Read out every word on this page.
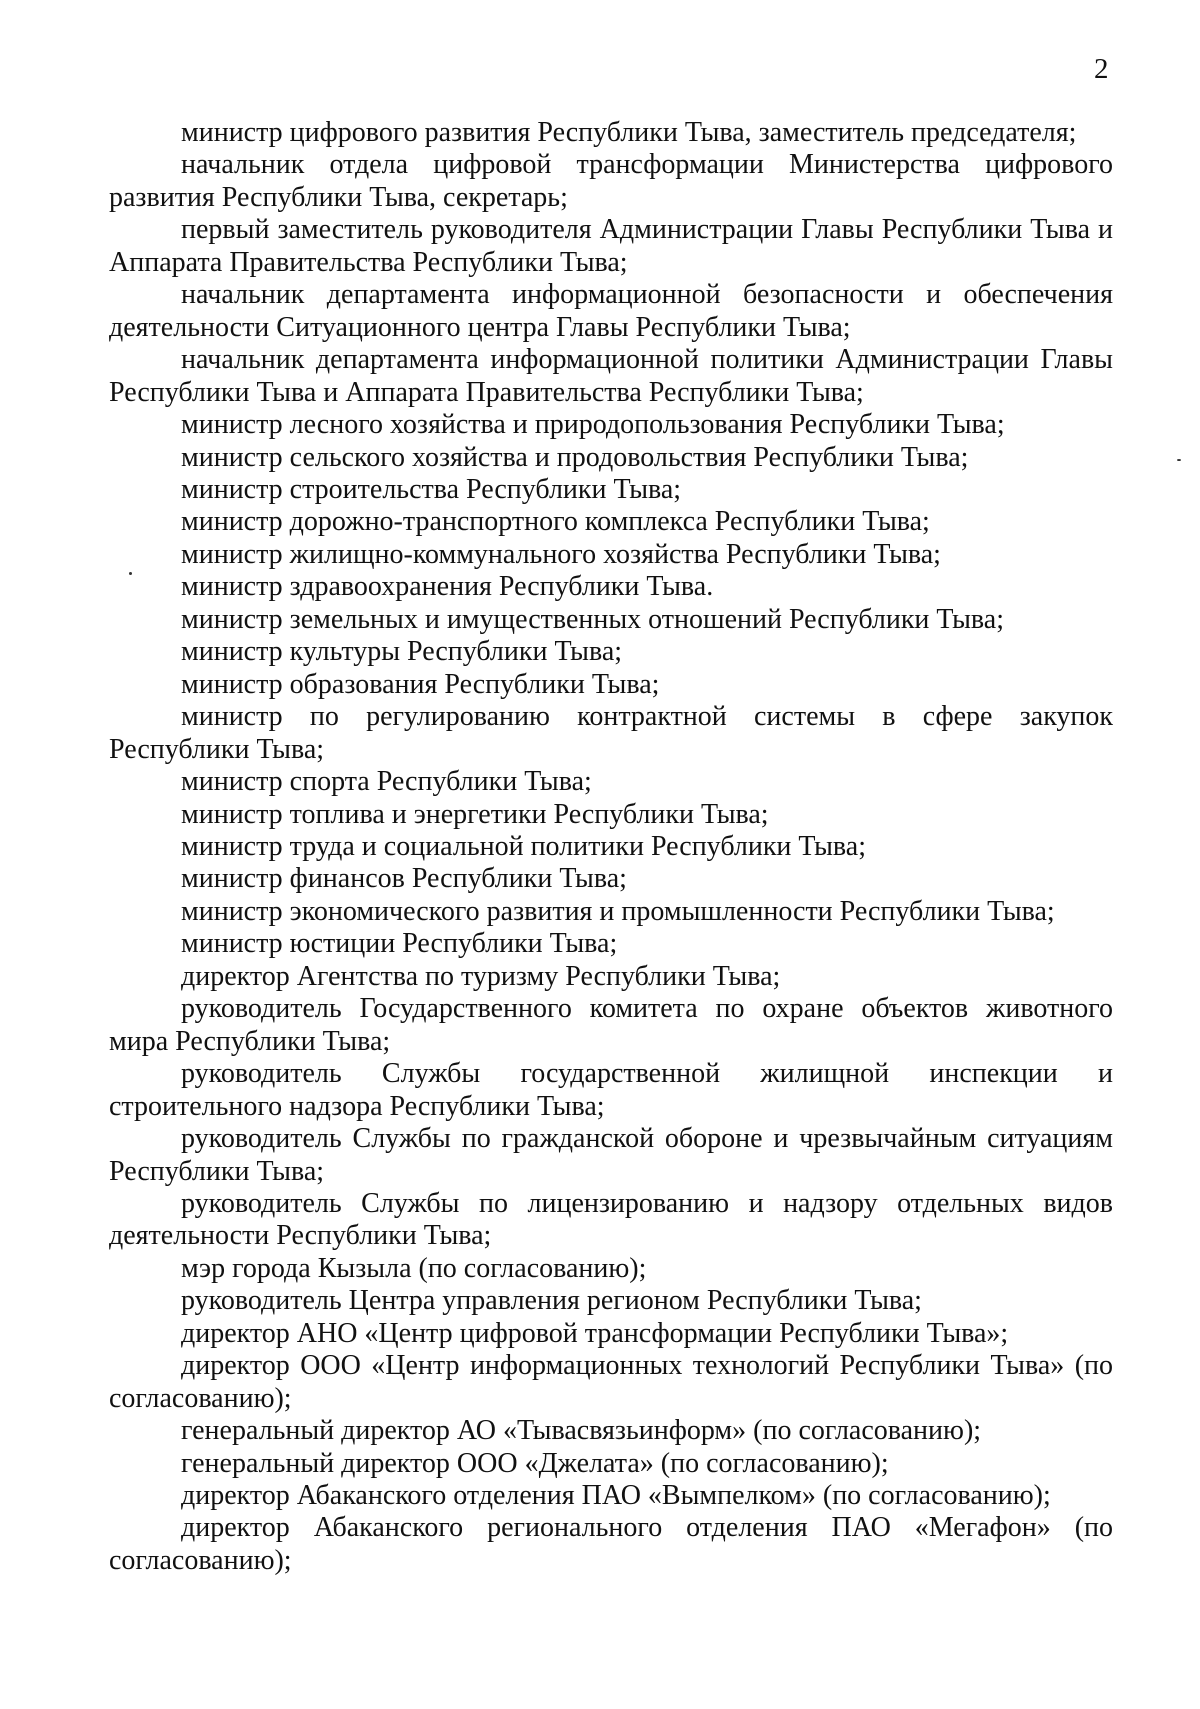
2

министр цифрового развития Республики Тыва, заместитель председателя;

начальник отдела цифровой трансформации Министерства цифрового развития Республики Тыва, секретарь;

первый заместитель руководителя Администрации Главы Республики Тыва и Аппарата Правительства Республики Тыва;

начальник департамента информационной безопасности и обеспечения деятельности Ситуационного центра Главы Республики Тыва;

начальник департамента информационной политики Администрации Главы Республики Тыва и Аппарата Правительства Республики Тыва;

министр лесного хозяйства и природопользования Республики Тыва;

министр сельского хозяйства и продовольствия Республики Тыва;

министр строительства Республики Тыва;

министр дорожно-транспортного комплекса Республики Тыва;

министр жилищно-коммунального хозяйства Республики Тыва;

министр здравоохранения Республики Тыва.

министр земельных и имущественных отношений Республики Тыва;

министр культуры Республики Тыва;

министр образования Республики Тыва;

министр по регулированию контрактной системы в сфере закупок Республики Тыва;

министр спорта Республики Тыва;

министр топлива и энергетики Республики Тыва;

министр труда и социальной политики Республики Тыва;

министр финансов Республики Тыва;

министр экономического развития и промышленности Республики Тыва;

министр юстиции Республики Тыва;

директор Агентства по туризму Республики Тыва;

руководитель Государственного комитета по охране объектов животного мира Республики Тыва;

руководитель Службы государственной жилищной инспекции и строительного надзора Республики Тыва;

руководитель Службы по гражданской обороне и чрезвычайным ситуациям Республики Тыва;

руководитель Службы по лицензированию и надзору отдельных видов деятельности Республики Тыва;

мэр города Кызыла (по согласованию);

руководитель Центра управления регионом Республики Тыва;

директор АНО «Центр цифровой трансформации Республики Тыва»;

директор ООО «Центр информационных технологий Республики Тыва» (по согласованию);

генеральный директор АО «Тывасвязьинформ» (по согласованию);

генеральный директор ООО «Джелата» (по согласованию);

директор Абаканского отделения ПАО «Вымпелком» (по согласованию);

директор Абаканского регионального отделения ПАО «Мегафон» (по согласованию);
